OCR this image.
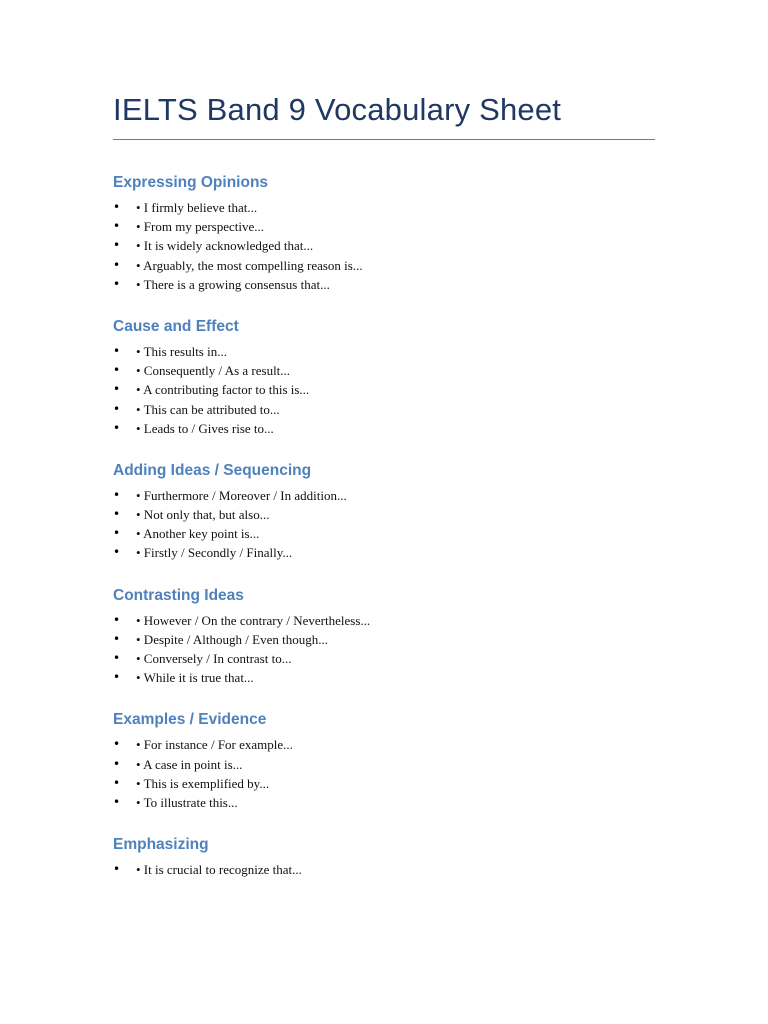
IELTS Band 9 Vocabulary Sheet
Expressing Opinions
• • I firmly believe that...
• • From my perspective...
• • It is widely acknowledged that...
• • Arguably, the most compelling reason is...
• • There is a growing consensus that...
Cause and Effect
• • This results in...
• • Consequently / As a result...
• • A contributing factor to this is...
• • This can be attributed to...
• • Leads to / Gives rise to...
Adding Ideas / Sequencing
• • Furthermore / Moreover / In addition...
• • Not only that, but also...
• • Another key point is...
• • Firstly / Secondly / Finally...
Contrasting Ideas
• • However / On the contrary / Nevertheless...
• • Despite / Although / Even though...
• • Conversely / In contrast to...
• • While it is true that...
Examples / Evidence
• • For instance / For example...
• • A case in point is...
• • This is exemplified by...
• • To illustrate this...
Emphasizing
• • It is crucial to recognize that...
